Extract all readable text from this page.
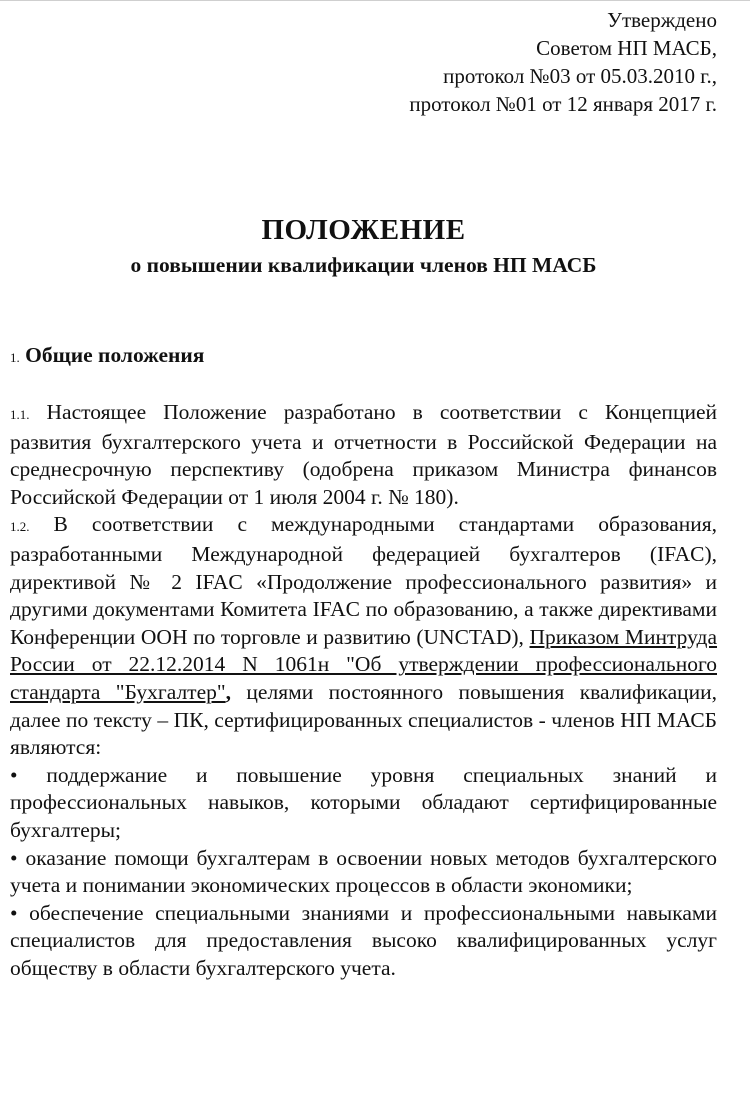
Утверждено
Советом НП МАСБ,
протокол №03 от 05.03.2010 г.,
протокол №01 от 12 января 2017 г.
ПОЛОЖЕНИЕ
о повышении квалификации членов НП МАСБ
1. Общие положения

1.1. Настоящее Положение разработано в соответствии с Концепцией развития бухгалтерского учета и отчетности в Российской Федерации на среднесрочную перспективу (одобрена приказом Министра финансов Российской Федерации от 1 июля 2004 г. № 180).

1.2. В соответствии с международными стандартами образования, разработанными Международной федерацией бухгалтеров (IFAC), директивой № 2 IFAC «Продолжение профессионального развития» и другими документами Комитета IFAC по образованию, а также директивами Конференции ООН по торговле и развитию (UNCTAD), Приказом Минтруда России от 22.12.2014 N 1061н "Об утверждении профессионального стандарта "Бухгалтер", целями постоянного повышения квалификации, далее по тексту – ПК, сертифицированных специалистов - членов НП МАСБ являются:

• поддержание и повышение уровня специальных знаний и профессиональных навыков, которыми обладают сертифицированные бухгалтеры;

• оказание помощи бухгалтерам в освоении новых методов бухгалтерского учета и понимании экономических процессов в области экономики;

• обеспечение специальными знаниями и профессиональными навыками специалистов для предоставления высоко квалифицированных услуг обществу в области бухгалтерского учета.
